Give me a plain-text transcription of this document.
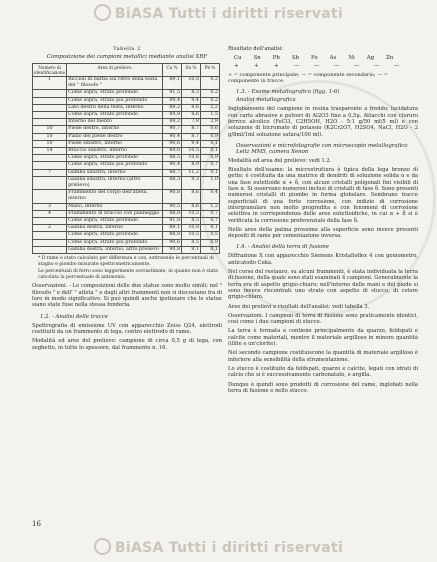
BiASA Tutti i diritti riservati
Tabella 2
Composizione dei campioni metallici mediante analisi XRF
Numero di identificazione	Area di prelievo	Cu %	Sn %	Pb %
1	Riccioli di barba sul retro della testa del " filosofo "	89,1	10,8	0,2
	Come sopra, strato profondo	91,5	8,3	0,2
	Come sopra, strato più profondo	89,4	9,4	0,2
	Lato destro della testa, interno	89,2	8,6	2,2
	Come sopra, strato profondo	89,8	8,6	1,5
	Interno del mento	89,2	7,9	2,9
10	Piede destro, interno	90,7	8,7	0,6
10	Piano del piede destro	90,4	8,7	0,9
10	Piede sinistro, interno	90,6	9,4	0,1
14	Braccio sinistro, interno	89,0	10,5	0,1
	Come sopra, strato profondo	88,5	10,6	0,9
	Come sopra, strato più profondo	90,4	8,9	0,7
7	Gamba sinistra, interno	88,7	11,2	0,1
	Gamba sinistra, interno (altro prelievo)	88,3	9,3	1,0
	Frammento del corpo dell'atleta, interno	90,8	8,6	0,4
3	Mano, interno	90,5	8,6	1,2
4	Frammento di braccio con panneggio	88,8	10,5	0,7
	Come sopra, strato profondo	91,8	8,5	0,7
2	Gamba destra, interno	89,1	10,8	0,1
	Come sopra, strato profondo	88,8	10,5	0,5
	Come sopra, strato più profondo	90,6	8,5	0,9
	Gamba destra, interno, altro prelievo	90,8	9,1	0,1
* Il rame è stato calcolato per differenza e con, sottraendo le percentuali di stagno e piombo misurate spettrometricamente.
Le percentuali di ferro sono leggermente sovrastimate, in quanto non è stata calcolata la percentuale di antimonio.

Osservazioni. - Le composizioni delle due statue sono molto simili; nel " filosofo " e dell' " atleta " e dagli altri frammenti non si discostano fra di loro in modo significativo. Si può quindi anche ipotizzare che le statue siano state fuse nella stessa fonderia.

1.2. - Analisi delle tracce

Spettrografia di emissione UV con apparecchio Zeiss Q24, elettrodi costituiti da un frammento di lega, contro elettrodo di rame.

Modalità ed aree del prelievo: campione di circa 0,5 g di lega, con seghetto, in tutto lo spessore, dal frammento n. 16.

Risultato dell'analisi:
Cu Sn Pb Sb Fe As Ni Ag Zn
+	+	+	—	—	—	—	—	—
+ = componente principale; — = componente secondario; — = componente in tracce.
1.3. - Esame metallografico (figg. 1-6)
Analisi metallografica

Inglobamento del campione in resina trasparente a freddo; lucidatura con carte abrasive e polveri di Al2O3 fino a 0,5μ. Attacchi con cloruro ferrico alcolico (FeCl3, C2H5OH, H2O - 5:1 g/50 ml/5 ml) e con soluzione di bicromato di potassio (K2Cr2O7, H2SO4, NaCl, H2O - 2 g/8ml/1ml soluzione satura/100 ml).

Osservazioni e microfotografie con microscopio metallografico Leitz MM5, camera Xenon

Modalità ed area del prelievo: vedi 1.2.

Risultato dell'esame: la microstruttura è tipica della lega bronzo di getto; è costituita da una matrice di dendriti di soluzione solida α e da una fase eutettoide α + δ, con alcuni cristalli poligonali fini visibili di fase α. Si osservano numerosi inclusi di cristalli di fase δ. Sono presenti numerosi cristalli di piombo in forma globulare. Sembrano tracce superficiali di una forte corrosione, con indizio di corrosione intergranulare non molto progredita e con fenomeni di corrosione selettiva in corrispondenza delle aree eutettoidiche, in cui α + δ si è verificata la corrosione preferenziale della fase δ.

Nelle aree della patina prossime alla superficie sono invece presenti depositi di rame per cementazione inversa.

1.4. - Analisi della terra di fusione

Diffrazione X con apparecchio Siemens Kristalloflex 4 con goniometro, anticatodo Cuka.

Nel corso del restauro, su alcuni frammenti, è stata individuata la terra di fusione, della quale sono stati esaminati 4 campioni. Generalmente la terra era di aspetto grigio-chiaro; nell'interno delle mani e del piede si sono invece riscontrati uno strato con aspetto di stucco, di colore grigio-chiaro.

Aree dei prelievi e risultati dell'analisi: vedi tabella 3.

Osservazioni. I campioni di terra di fusione sono praticamente identici, così come i due campioni di stucco.

La terra è formata e contiene principalmente da quarzo, feldspati e calcite come materiali, mentre il materiale argilloso in minore quantità (illite e un'clorite).

Nel secondo campione costituiscono la quantità di materiale argilloso è inferiore alla sensibilità della strumentazione.

Lo stucco è costituito da feldspati, quarzo e calcite, legati con idrati di calcio che si è successivamente carbonatato, e argilla.

Dunque è quindi sono prodotti di corrosione del rame, inglobati nella terra di fusione e nello stucco.

16
BiASA Tutti i diritti riservati
